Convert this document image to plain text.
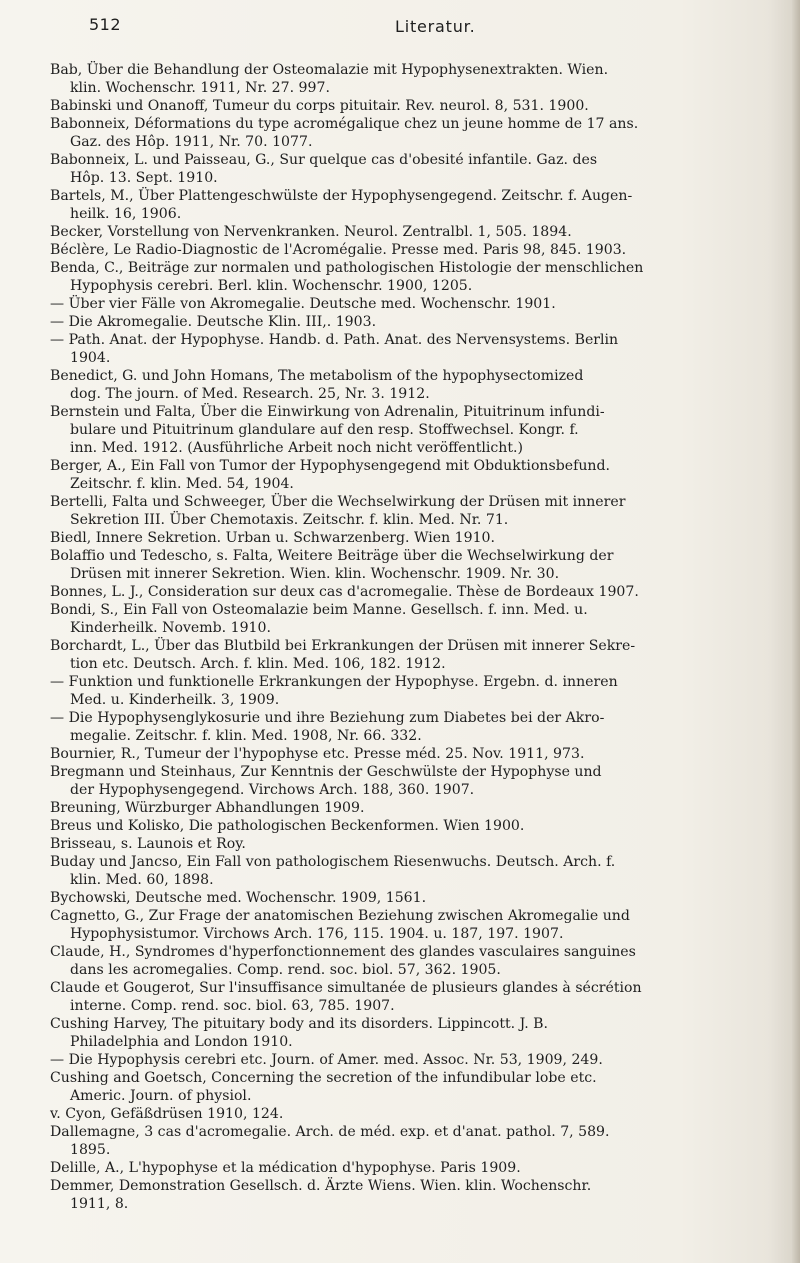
512	Literatur.

Bab, Über die Behandlung der Osteomalazie mit Hypophysenextrakten. Wien.
klin. Wochenschr. 1911, Nr. 27. 997.

Babinski und Onanoff, Tumeur du corps pituitair. Rev. neurol. 8, 531. 1900.

Babonneix, Déformations du type acromégalique chez un jeune homme de 17 ans.
Gaz. des Hôp. 1911, Nr. 70. 1077.

Babonneix, L. und Paisseau, G., Sur quelque cas d'obesité infantile. Gaz. des
Hôp. 13. Sept. 1910.

Bartels, M., Über Plattengeschwülste der Hypophysengegend. Zeitschr. f. Augen-
heilk. 16, 1906.

Becker, Vorstellung von Nervenkranken. Neurol. Zentralbl. 1, 505. 1894.

Béclère, Le Radio-Diagnostic de l'Acromégalie. Presse med. Paris 98, 845. 1903.

Benda, C., Beiträge zur normalen und pathologischen Histologie der menschlichen
Hypophysis cerebri. Berl. klin. Wochenschr. 1900, 1205.

— Über vier Fälle von Akromegalie. Deutsche med. Wochenschr. 1901.

— Die Akromegalie. Deutsche Klin. III,. 1903.

— Path. Anat. der Hypophyse. Handb. d. Path. Anat. des Nervensystems. Berlin
1904.

Benedict, G. und John Homans, The metabolism of the hypophysectomized
dog. The journ. of Med. Research. 25, Nr. 3. 1912.

Bernstein und Falta, Über die Einwirkung von Adrenalin, Pituitrinum infundi-
bulare und Pituitrinum glandulare auf den resp. Stoffwechsel. Kongr. f.
inn. Med. 1912. (Ausführliche Arbeit noch nicht veröffentlicht.)

Berger, A., Ein Fall von Tumor der Hypophysengegend mit Obduktionsbefund.
Zeitschr. f. klin. Med. 54, 1904.

Bertelli, Falta und Schweeger, Über die Wechselwirkung der Drüsen mit innerer
Sekretion III. Über Chemotaxis. Zeitschr. f. klin. Med. Nr. 71.

Biedl, Innere Sekretion. Urban u. Schwarzenberg. Wien 1910.

Bolaffio und Tedescho, s. Falta, Weitere Beiträge über die Wechselwirkung der
Drüsen mit innerer Sekretion. Wien. klin. Wochenschr. 1909. Nr. 30.

Bonnes, L. J., Consideration sur deux cas d'acromegalie. Thèse de Bordeaux 1907.

Bondi, S., Ein Fall von Osteomalazie beim Manne. Gesellsch. f. inn. Med. u.
Kinderheilk. Novemb. 1910.

Borchardt, L., Über das Blutbild bei Erkrankungen der Drüsen mit innerer Sekre-
tion etc. Deutsch. Arch. f. klin. Med. 106, 182. 1912.

— Funktion und funktionelle Erkrankungen der Hypophyse. Ergebn. d. inneren
Med. u. Kinderheilk. 3, 1909.

— Die Hypophysenglykosurie und ihre Beziehung zum Diabetes bei der Akro-
megalie. Zeitschr. f. klin. Med. 1908, Nr. 66. 332.

Bournier, R., Tumeur der l'hypophyse etc. Presse méd. 25. Nov. 1911, 973.

Bregmann und Steinhaus, Zur Kenntnis der Geschwülste der Hypophyse und
der Hypophysengegend. Virchows Arch. 188, 360. 1907.

Breuning, Würzburger Abhandlungen 1909.

Breus und Kolisko, Die pathologischen Beckenformen. Wien 1900.

Brisseau, s. Launois et Roy.

Buday und Jancso, Ein Fall von pathologischem Riesenwuchs. Deutsch. Arch. f.
klin. Med. 60, 1898.

Bychowski, Deutsche med. Wochenschr. 1909, 1561.

Cagnetto, G., Zur Frage der anatomischen Beziehung zwischen Akromegalie und
Hypophysistumor. Virchows Arch. 176, 115. 1904. u. 187, 197. 1907.

Claude, H., Syndromes d'hyperfonctionnement des glandes vasculaires sanguines
dans les acromegalies. Comp. rend. soc. biol. 57, 362. 1905.

Claude et Gougerot, Sur l'insuffisance simultanée de plusieurs glandes à sécrétion
interne. Comp. rend. soc. biol. 63, 785. 1907.

Cushing Harvey, The pituitary body and its disorders. Lippincott. J. B.
Philadelphia and London 1910.

— Die Hypophysis cerebri etc. Journ. of Amer. med. Assoc. Nr. 53, 1909, 249.

Cushing and Goetsch, Concerning the secretion of the infundibular lobe etc.
Americ. Journ. of physiol.

v. Cyon, Gefäßdrüsen 1910, 124.

Dallemagne, 3 cas d'acromegalie. Arch. de méd. exp. et d'anat. pathol. 7, 589.
1895.

Delille, A., L'hypophyse et la médication d'hypophyse. Paris 1909.

Demmer, Demonstration Gesellsch. d. Ärzte Wiens. Wien. klin. Wochenschr.
1911, 8.
